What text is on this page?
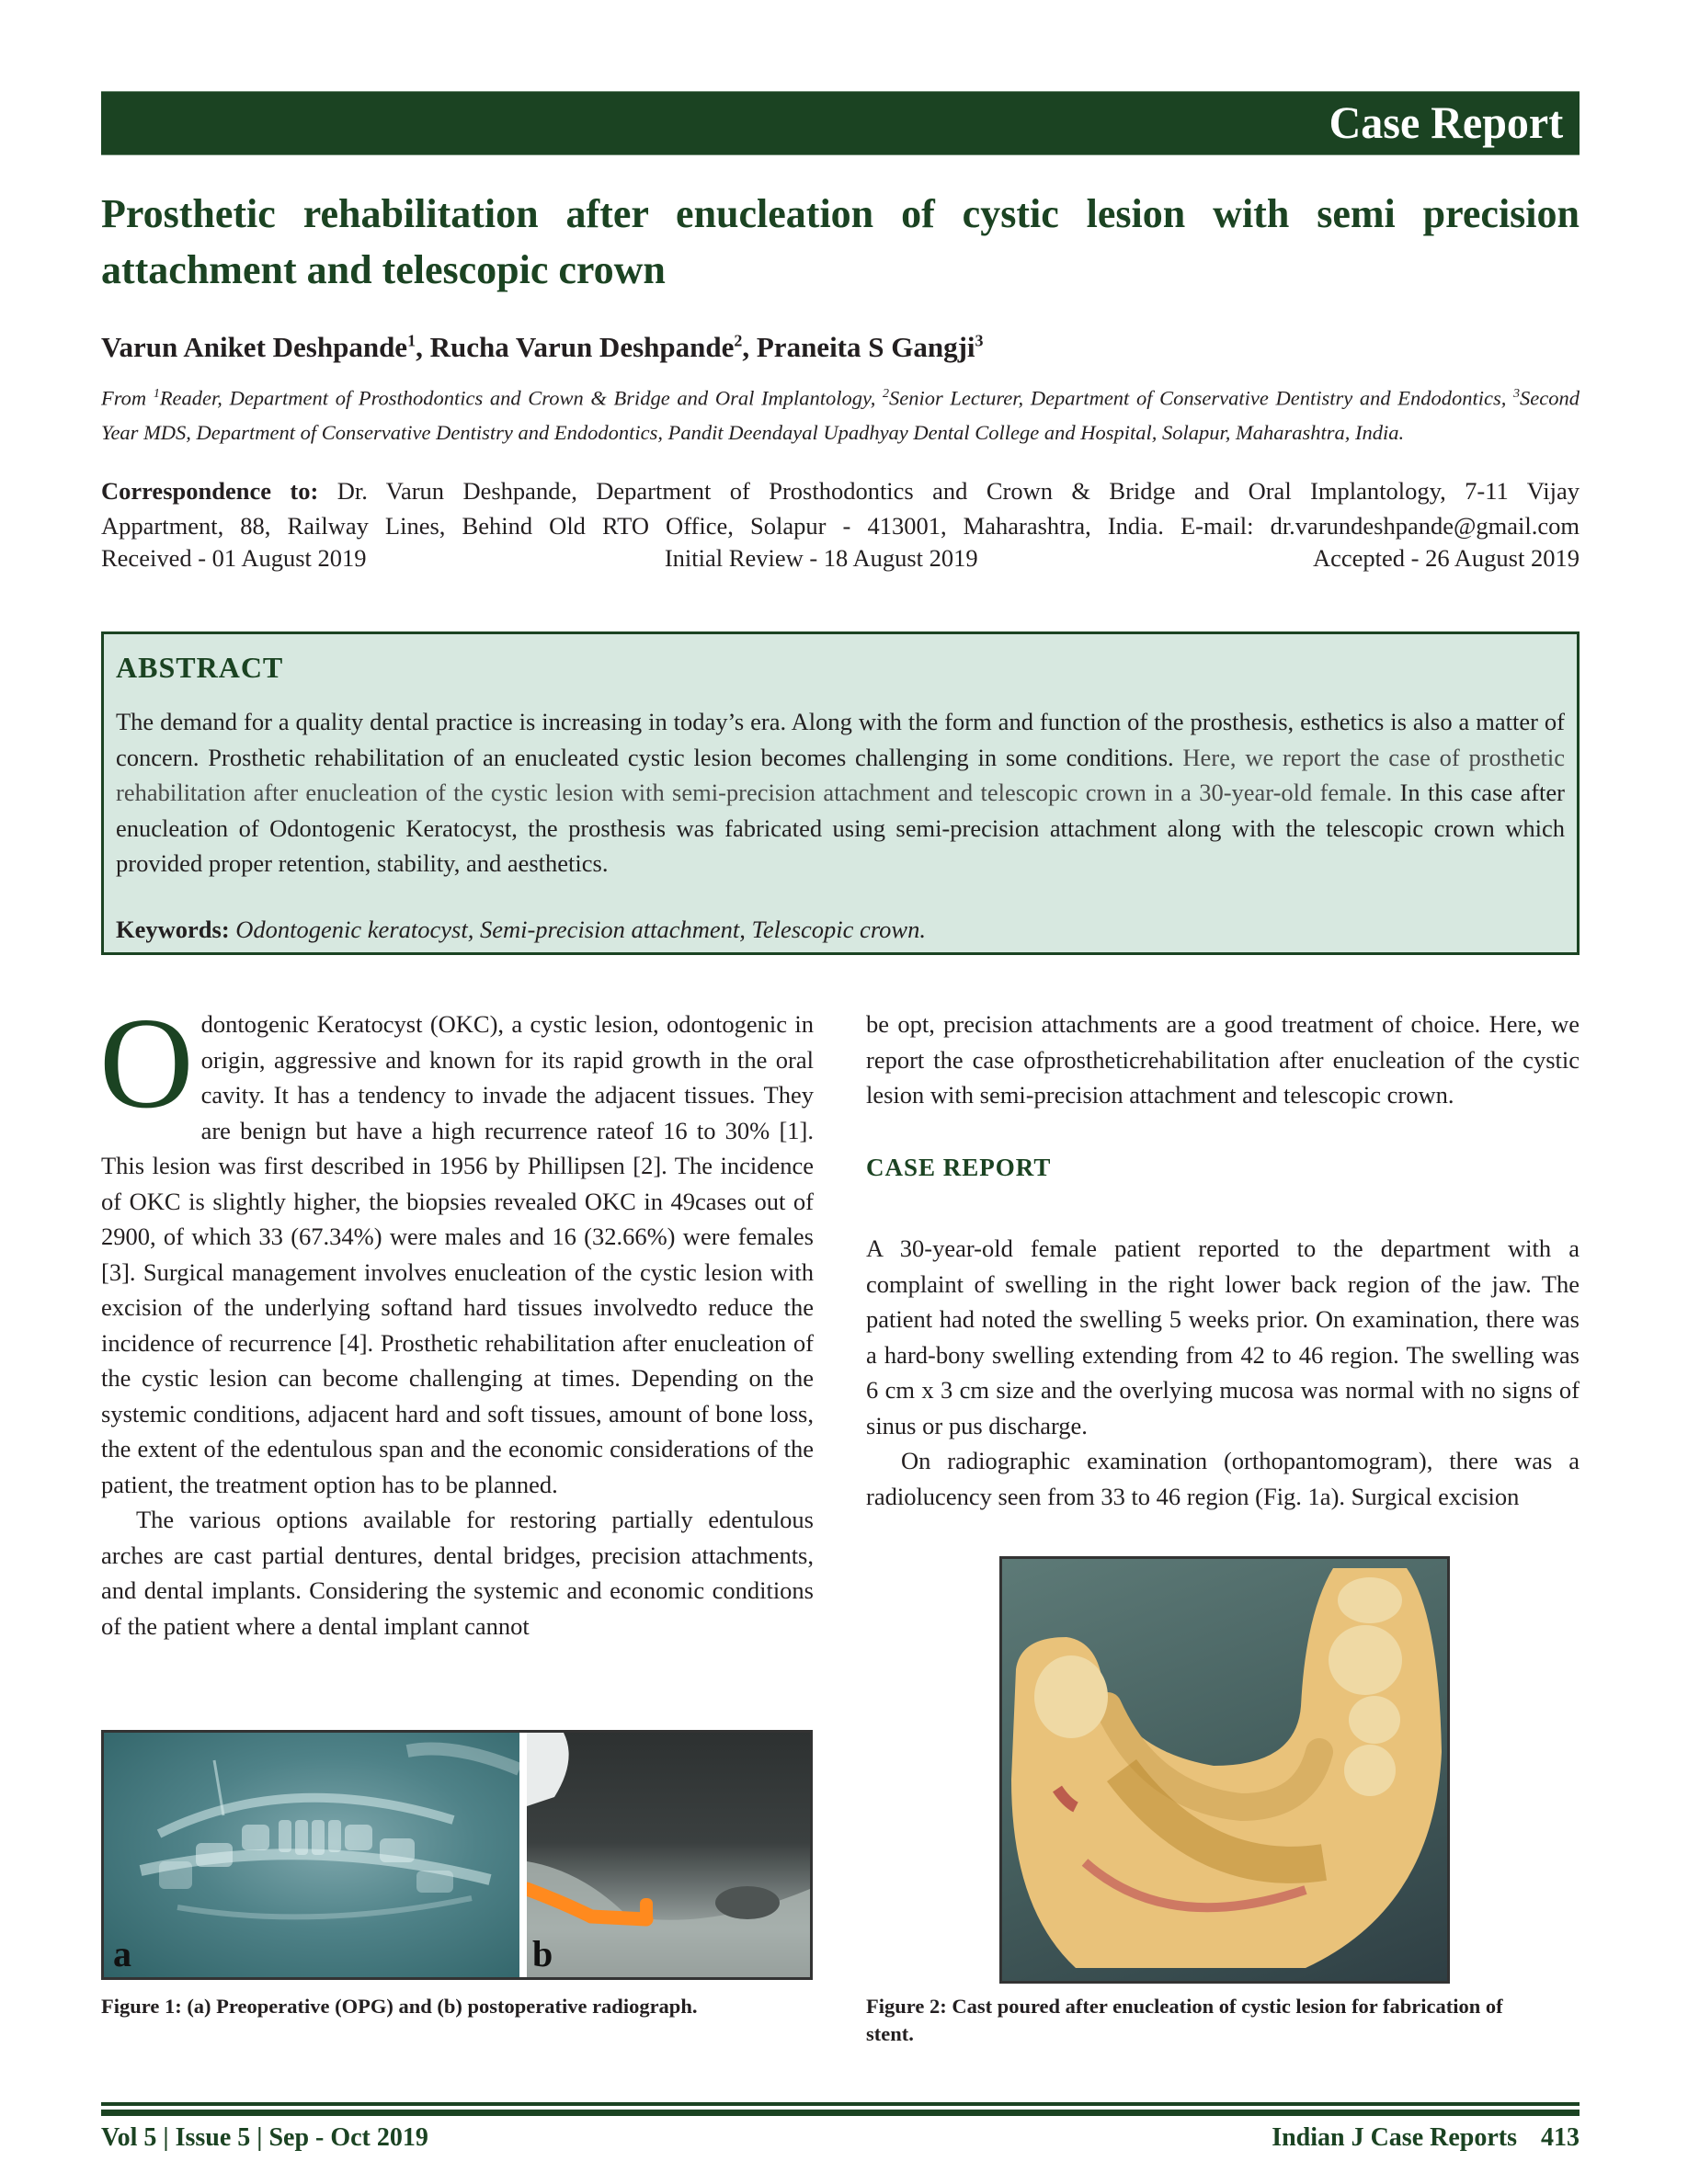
Case Report
Prosthetic rehabilitation after enucleation of cystic lesion with semi precision attachment and telescopic crown
Varun Aniket Deshpande$^1$, Rucha Varun Deshpande$^2$, Praneita S Gangji$^3$
From $^1$Reader, Department of Prosthodontics and Crown & Bridge and Oral Implantology, $^2$Senior Lecturer, Department of Conservative Dentistry and Endodontics, $^3$Second Year MDS, Department of Conservative Dentistry and Endodontics, Pandit Deendayal Upadhyay Dental College and Hospital, Solapur, Maharashtra, India.
Correspondence to: Dr. Varun Deshpande, Department of Prosthodontics and Crown & Bridge and Oral Implantology, 7-11 Vijay
Appartment, 88, Railway Lines, Behind Old RTO Office, Solapur - 413001, Maharashtra, India. E-mail: dr.varundeshpande@gmail.com
Received - 01 August 2019	Initial Review - 18 August 2019	Accepted - 26 August 2019
ABSTRACT
The demand for a quality dental practice is increasing in today’s era. Along with the form and function of the prosthesis, esthetics is also a matter of concern. Prosthetic rehabilitation of an enucleated cystic lesion becomes challenging in some conditions. Here, we report the case of prosthetic rehabilitation after enucleation of the cystic lesion with semi-precision attachment and telescopic crown in a 30-year-old female. In this case after enucleation of Odontogenic Keratocyst, the prosthesis was fabricated using semi-precision attachment along with the telescopic crown which provided proper retention, stability, and aesthetics.
Keywords: Odontogenic keratocyst, Semi-precision attachment, Telescopic crown.

Odontogenic Keratocyst (OKC), a cystic lesion, odontogenic in origin, aggressive and known for its rapid growth in the oral cavity. It has a tendency to invade the adjacent tissues. They are benign but have a high recurrence rateof 16 to 30% [1]. This lesion was first described in 1956 by Phillipsen [2]. The incidence of OKC is slightly higher, the biopsies revealed OKC in 49cases out of 2900, of which 33 (67.34%) were males and 16 (32.66%) were females [3]. Surgical management involves enucleation of the cystic lesion with excision of the underlying softand hard tissues involvedto reduce the incidence of recurrence [4]. Prosthetic rehabilitation after enucleation of the cystic lesion can become challenging at times. Depending on the systemic conditions, adjacent hard and soft tissues, amount of bone loss, the extent of the edentulous span and the economic considerations of the patient, the treatment option has to be planned.

The various options available for restoring partially edentulous arches are cast partial dentures, dental bridges, precision attachments, and dental implants. Considering the systemic and economic conditions of the patient where a dental implant cannot

be opt, precision attachments are a good treatment of choice. Here, we report the case ofprostheticrehabilitation after enucleation of the cystic lesion with semi-precision attachment and telescopic crown.

CASE REPORT

A 30-year-old female patient reported to the department with a complaint of swelling in the right lower back region of the jaw. The patient had noted the swelling 5 weeks prior. On examination, there was a hard-bony swelling extending from 42 to 46 region. The swelling was 6 cm x 3 cm size and the overlying mucosa was normal with no signs of sinus or pus discharge.

On radiographic examination (orthopantomogram), there was a radiolucency seen from 33 to 46 region (Fig. 1a). Surgical excision

a	b
Figure 1: (a) Preoperative (OPG) and (b) postoperative radiograph.	Figure 2: Cast poured after enucleation of cystic lesion for fabrication of stent.
Vol 5 | Issue 5 | Sep - Oct 2019	Indian J Case Reports 413
